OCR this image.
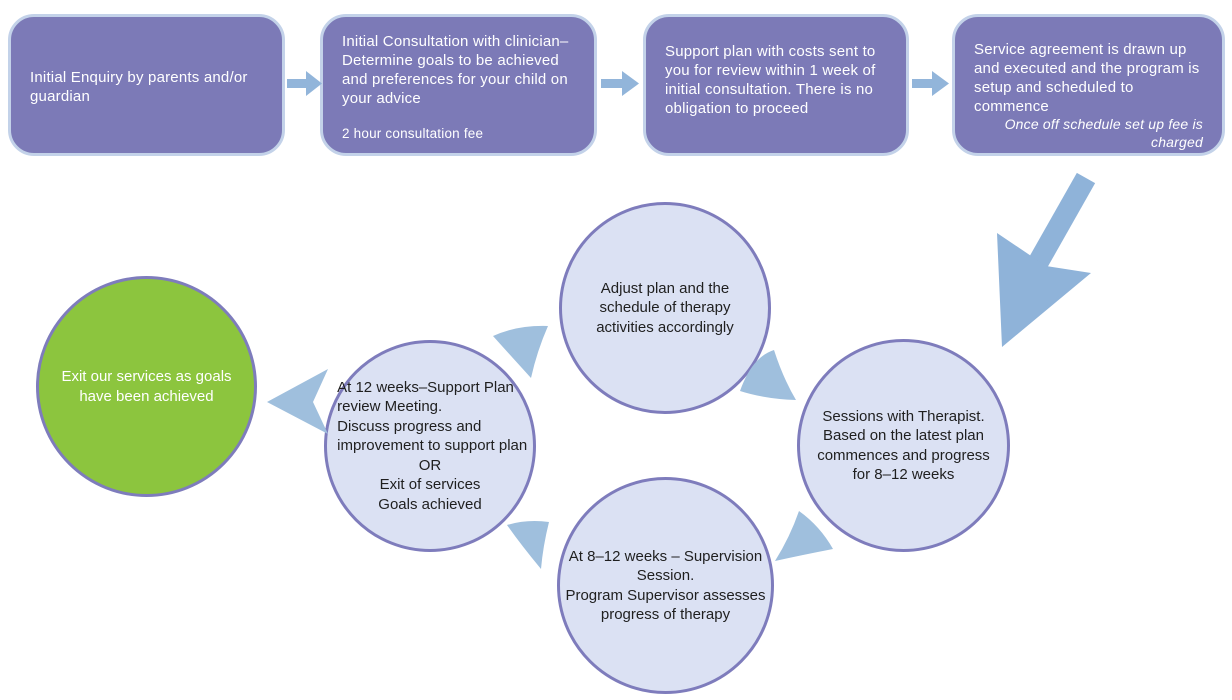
Initial Enquiry by parents and/or guardian
Initial Consultation with clinician–Determine goals to be achieved and preferences for your child on your advice
2 hour consultation fee
Support plan with costs sent to you for review within 1 week of initial consultation. There is no obligation to proceed
Service agreement is drawn up and executed and the program is setup and scheduled to commence
Once off schedule set up fee is charged
Adjust plan and the schedule of therapy activities accordingly
Sessions with Therapist. Based on the latest plan commences and progress for 8–12 weeks
At 8–12 weeks – Supervision Session.
Program Supervisor assesses progress of therapy
At 12 weeks–Support Plan review Meeting.
Discuss progress and improvement to support plan
OR
Exit of services
Goals achieved
Exit our services as goals have been achieved
